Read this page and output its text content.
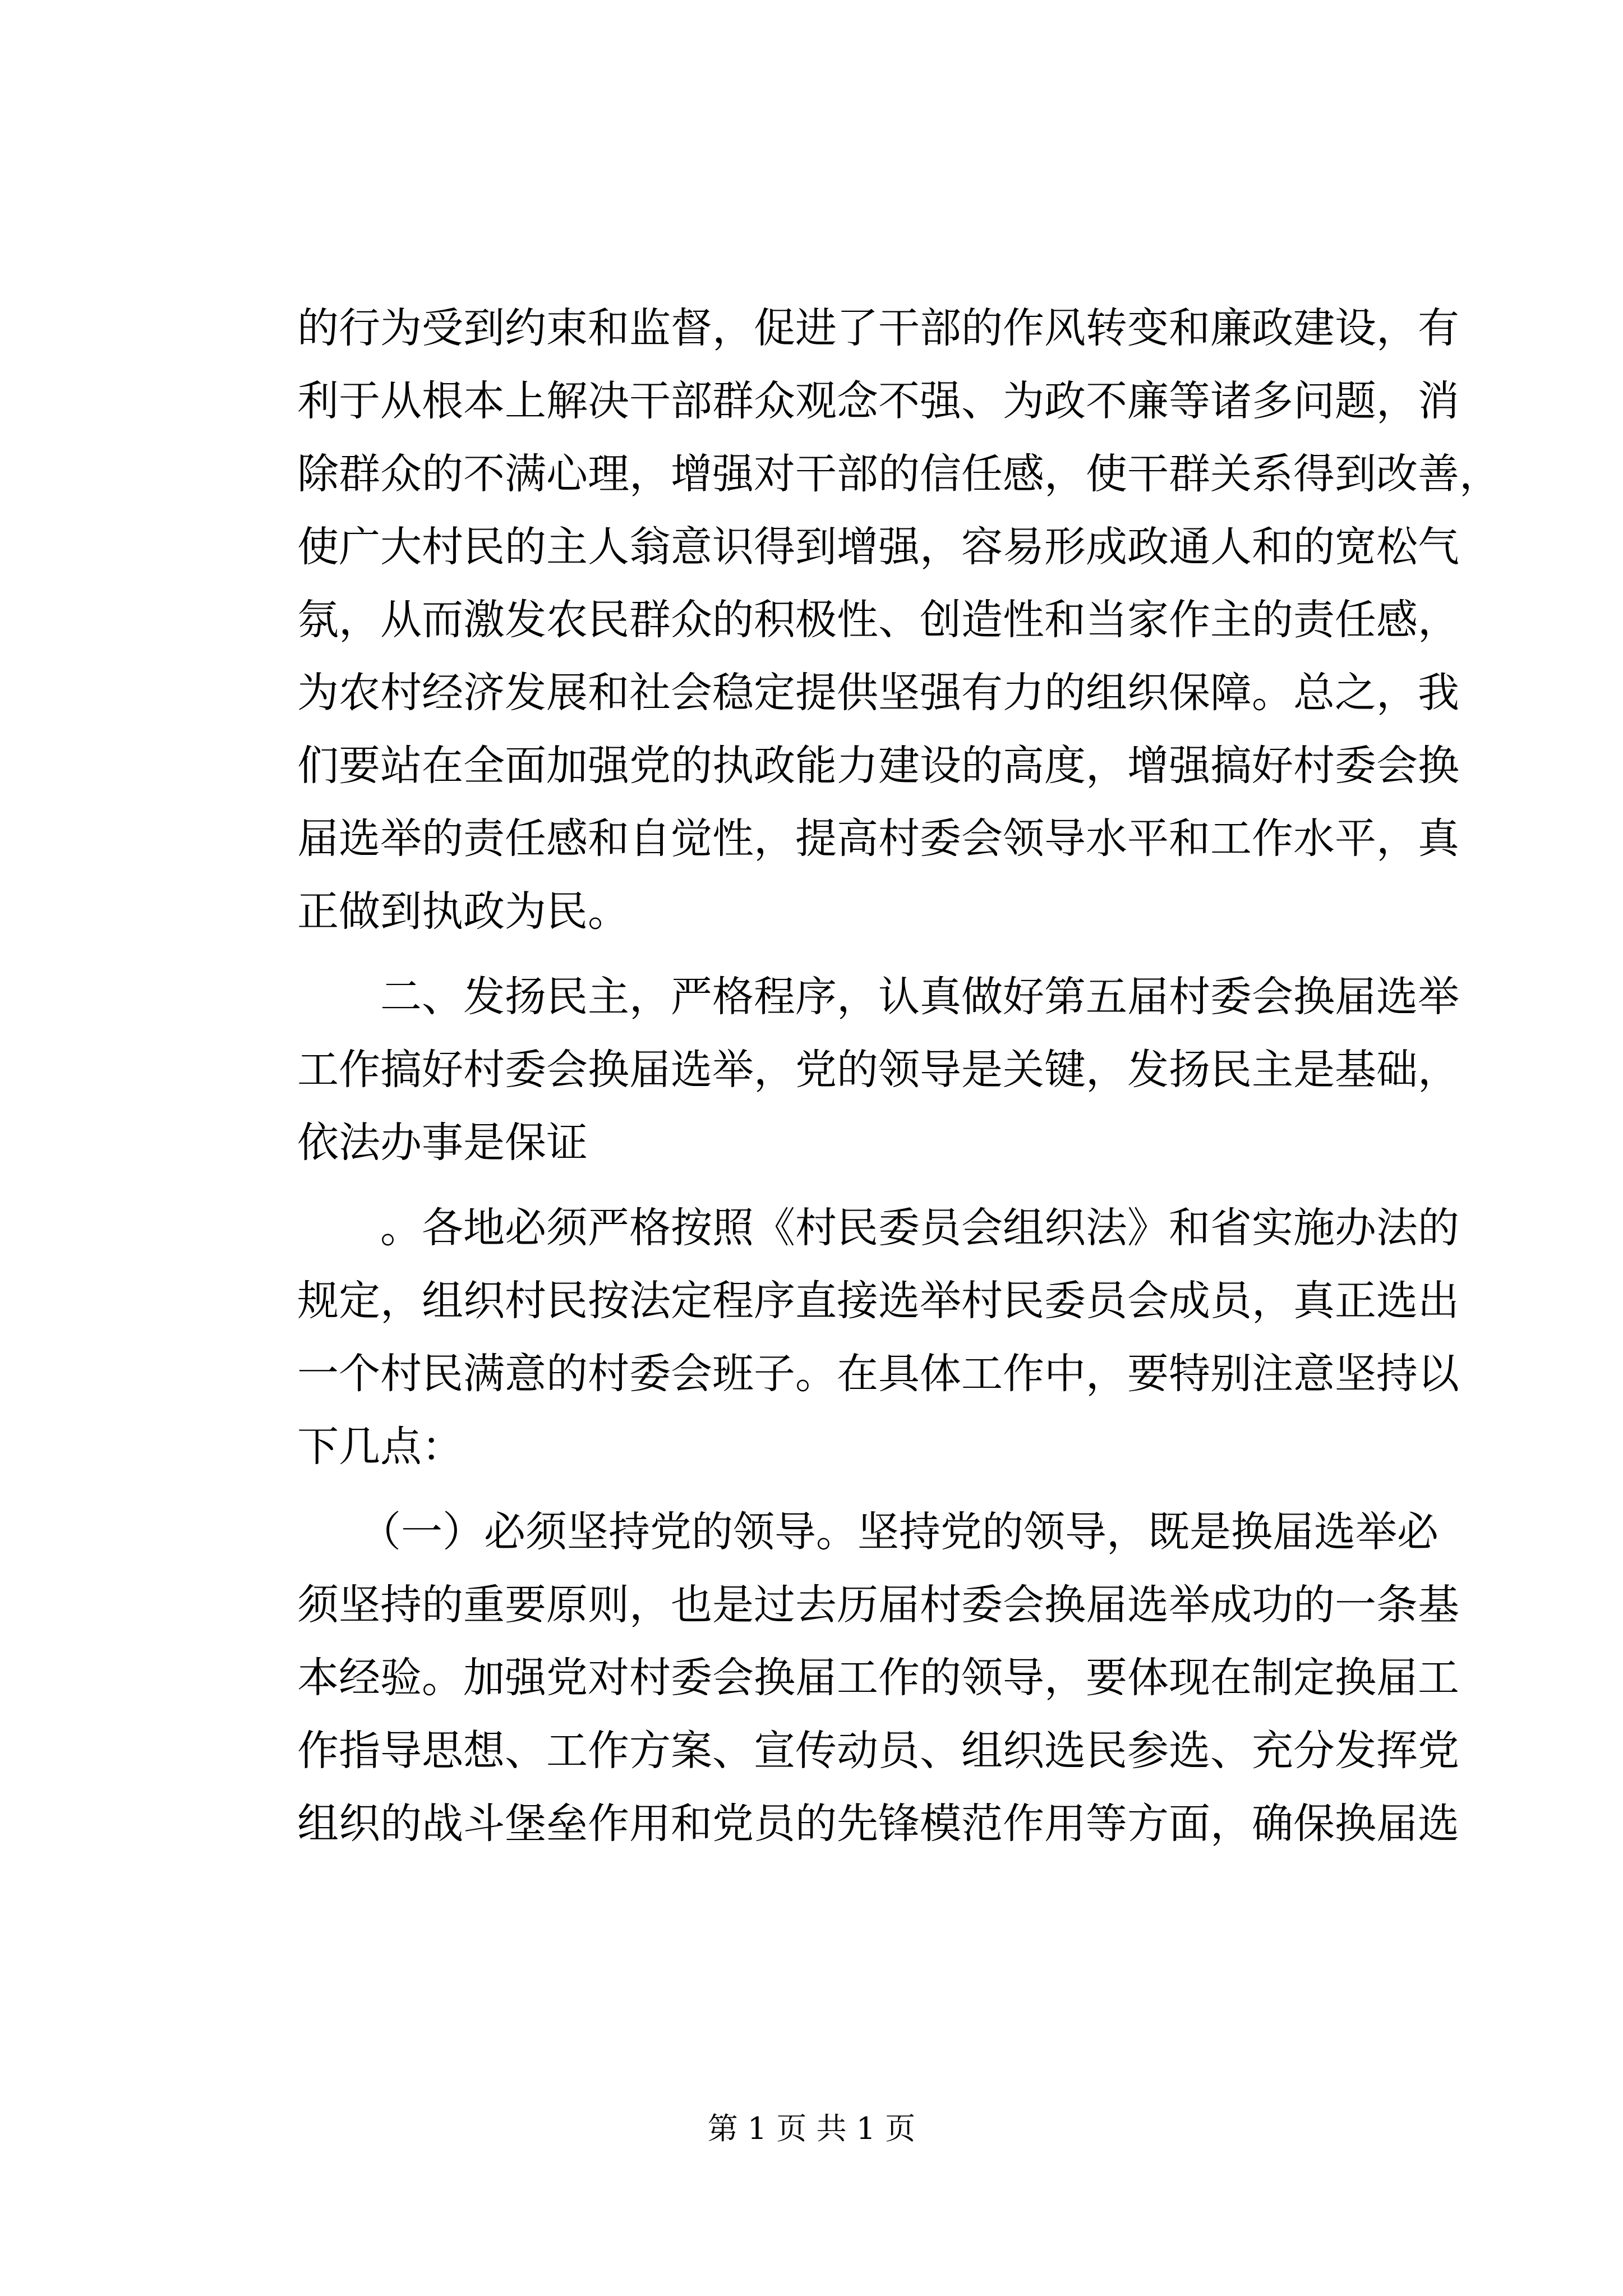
的行为受到约束和监督，促进了干部的作风转变和廉政建设，有
利于从根本上解决干部群众观念不强、为政不廉等诸多问题，消
除群众的不满心理，增强对干部的信任感，使干群关系得到改善，
使广大村民的主人翁意识得到增强，容易形成政通人和的宽松气
氛，从而激发农民群众的积极性、创造性和当家作主的责任感，
为农村经济发展和社会稳定提供坚强有力的组织保障。总之，我
们要站在全面加强党的执政能力建设的高度，增强搞好村委会换
届选举的责任感和自觉性，提高村委会领导水平和工作水平，真
正做到执政为民。
　　二、发扬民主，严格程序，认真做好第五届村委会换届选举
工作搞好村委会换届选举，党的领导是关键，发扬民主是基础，
依法办事是保证
　　。各地必须严格按照《村民委员会组织法》和省实施办法的
规定，组织村民按法定程序直接选举村民委员会成员，真正选出
一个村民满意的村委会班子。在具体工作中，要特别注意坚持以
下几点：
　　（一）必须坚持党的领导。坚持党的领导，既是换届选举必
须坚持的重要原则，也是过去历届村委会换届选举成功的一条基
本经验。加强党对村委会换届工作的领导，要体现在制定换届工
作指导思想、工作方案、宣传动员、组织选民参选、充分发挥党
组织的战斗堡垒作用和党员的先锋模范作用等方面，确保换届选
第 1 页 共 1 页
